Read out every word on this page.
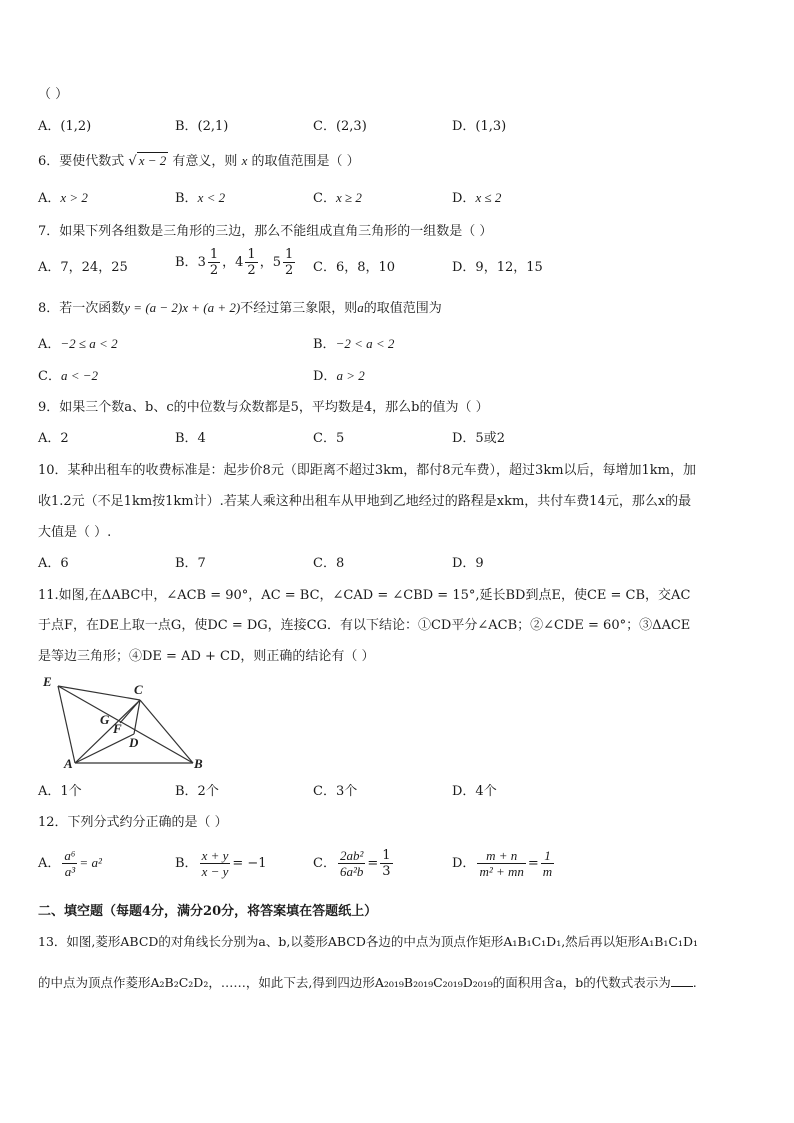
（ ）
A．(1,2)	B．(2,1)	C．(2,3)	D．(1,3)
6．要使代数式 √ x − 2 有意义，则 x 的取值范围是（ ）
A．x > 2	B．x < 2	C．x ≥ 2	D．x ≤ 2
7．如果下列各组数是三角形的三边，那么不能组成直角三角形的一组数是（ ）
A．7，24，25	B．$3 \frac{1}{2}$ ，$4 \frac{1}{2}$ ，$5 \frac{1}{2}$ C．6，8，10	D．9，12，15
8．若一次函数y = (a − 2)x + (a + 2)不经过第三象限，则a的取值范围为
A．−2 ≤ a < 2	B．−2 < a < 2
C．a < −2	D．a > 2
9．如果三个数a、b、c的中位数与众数都是5，平均数是4，那么b的值为（ ）
A．2	B．4	C．5	D．5或2
10．某种出租车的收费标准是：起步价8元（即距离不超过3km，都付8元车费），超过3km以后，每增加1km，加
收1.2元（不足1km按1km计）.若某人乘这种出租车从甲地到乙地经过的路程是xkm，共付车费14元，那么x的最
大值是（ ）.
A．6	B．7	C．8	D．9
11.如图,在ΔABC中，∠ACB = 90°，AC = BC，∠CAD = ∠CBD = 15°,延长BD到点E，使CE = CB，交AC
于点F，在DE上取一点G，使DC = DG，连接CG．有以下结论：①CD平分∠ACB；②∠CDE = 60°；③ΔACE
是等边三角形；④DE = AD + CD，则正确的结论有（ ）
E
C
G
F
D
A	B
A．1个	B．2个	C．3个	D．4个
12．下列分式约分正确的是（ ）
A． $\frac{\text{a⁶}}{\text{a³}} = a^2$	B． $\frac{x + y}{x - y} = -1$	C． $\frac{\text{2ab²}}{\text{6a²b}} = \frac{1}{3}$	D． $\frac{m + n}{\text{m² + mn}} = \frac{1}{m}$
二、填空题（每题4分，满分20分，将答案填在答题纸上）
13．如图,菱形ABCD的对角线长分别为a、b,以菱形ABCD各边的中点为顶点作矩形A₁B₁C₁D₁,然后再以矩形A₁B₁C₁D₁
的中点为顶点作菱形A₂B₂C₂D₂，……，如此下去,得到四边形A₂₀₁₉B₂₀₁₉C₂₀₁₉D₂₀₁₉的面积用含a，b的代数式表示为 .
